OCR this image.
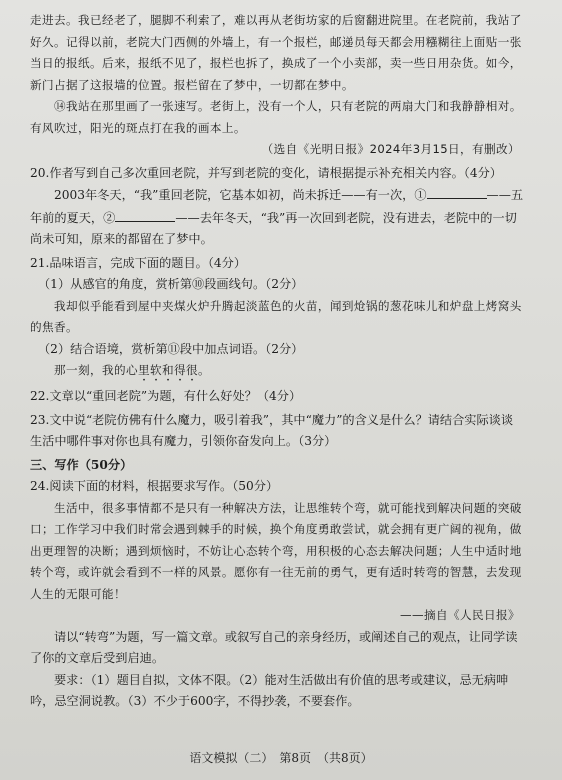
走进去。我已经老了，腿脚不利索了，难以再从老街坊家的后窗翻进院里。在老院前，我站了好久。记得以前，老院大门西侧的外墙上，有一个报栏，邮递员每天都会用糨糊往上面贴一张当日的报纸。后来，报纸不见了，报栏也拆了，换成了一个小卖部，卖一些日用杂货。如今，新门占据了这报墙的位置。报栏留在了梦中，一切都在梦中。

⑭我站在那里画了一张速写。老街上，没有一个人，只有老院的两扇大门和我静静相对。有风吹过，阳光的斑点打在我的画本上。

（选自《光明日报》2024年3月15日，有删改）

20.作者写到自己多次重回老院，并写到老院的变化，请根据提示补充相关内容。（4分）

2003年冬天，“我”重回老院，它基本如初，尚未拆迁——有一次，①	——五年前的夏天，②	——去年冬天，“我”再一次回到老院，没有进去，老院中的一切尚未可知，原来的都留在了梦中。

21.品味语言，完成下面的题目。（4分）

（1）从感官的角度，赏析第⑩段画线句。（2分）

我却似乎能看到屋中夹煤火炉升腾起淡蓝色的火苗，闻到炝锅的葱花味儿和炉盘上烤窝头的焦香。

（2）结合语境，赏析第⑪段中加点词语。（2分）

那一刻，我的心里软和得很。

22.文章以“重回老院”为题，有什么好处？（4分）

23.文中说“老院仿佛有什么魔力，吸引着我”，其中“魔力”的含义是什么？请结合实际谈谈生活中哪件事对你也具有魔力，引领你奋发向上。（3分）

三、写作（50分）

24.阅读下面的材料，根据要求写作。（50分）

生活中，很多事情都不是只有一种解决方法，让思维转个弯，就可能找到解决问题的突破口；工作学习中我们时常会遇到棘手的时候，换个角度勇敢尝试，就会拥有更广阔的视角，做出更理智的决断；遇到烦恼时，不妨让心态转个弯，用积极的心态去解决问题；人生中适时地转个弯，或许就会看到不一样的风景。愿你有一往无前的勇气，更有适时转弯的智慧，去发现人生的无限可能！

——摘自《人民日报》

请以“转弯”为题，写一篇文章。或叙写自己的亲身经历，或阐述自己的观点，让同学读了你的文章后受到启迪。

要求：（1）题目自拟，文体不限。（2）能对生活做出有价值的思考或建议，忌无病呻吟，忌空洞说教。（3）不少于600字，不得抄袭，不要套作。

语文模拟（二）　第8页　（共8页）
